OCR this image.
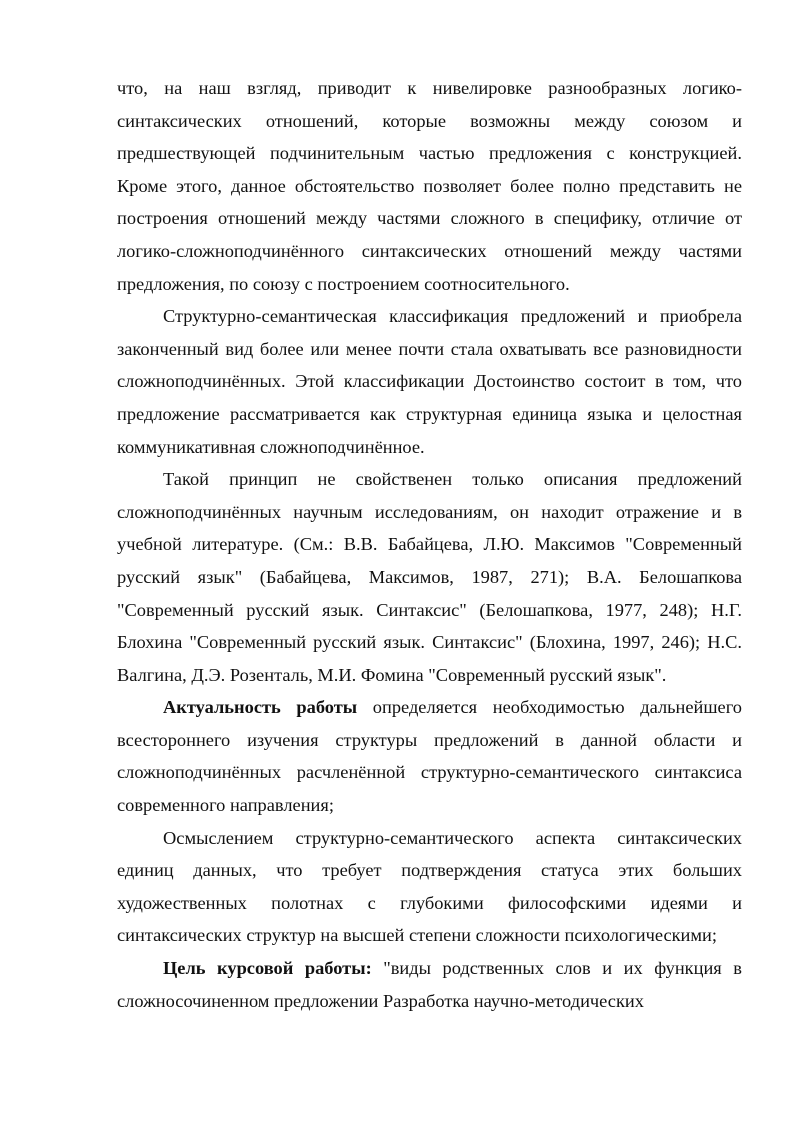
что, на наш взгляд, приводит к нивелировке разнообразных логико-синтаксических отношений, которые возможны между союзом и предшествующей подчинительным частью предложения с конструкцией. Кроме этого, данное обстоятельство позволяет более полно представить не построения отношений между частями сложного в специфику, отличие от логико-сложноподчинённого синтаксических отношений между частями предложения, по союзу с построением соотносительного.

Структурно-семантическая классификация предложений и приобрела законченный вид более или менее почти стала охватывать все разновидности сложноподчинённых. Этой классификации Достоинство состоит в том, что предложение рассматривается как структурная единица языка и целостная коммуникативная сложноподчинённое.

Такой принцип не свойственен только описания предложений сложноподчинённых научным исследованиям, он находит отражение и в учебной литературе. (См.: В.В. Бабайцева, Л.Ю. Максимов "Современный русский язык" (Бабайцева, Максимов, 1987, 271); В.А. Белошапкова "Современный русский язык. Синтаксис" (Белошапкова, 1977, 248); Н.Г. Блохина "Современный русский язык. Синтаксис" (Блохина, 1997, 246); Н.С. Валгина, Д.Э. Розенталь, М.И. Фомина "Современный русский язык".

Актуальность работы определяется необходимостью дальнейшего всестороннего изучения структуры предложений в данной области и сложноподчинённых расчленённой структурно-семантического синтаксиса современного направления;

Осмыслением структурно-семантического аспекта синтаксических единиц данных, что требует подтверждения статуса этих больших художественных полотнах с глубокими философскими идеями и синтаксических структур на высшей степени сложности психологическими;

Цель курсовой работы: "виды родственных слов и их функция в сложносочиненном предложении Разработка научно-методических
